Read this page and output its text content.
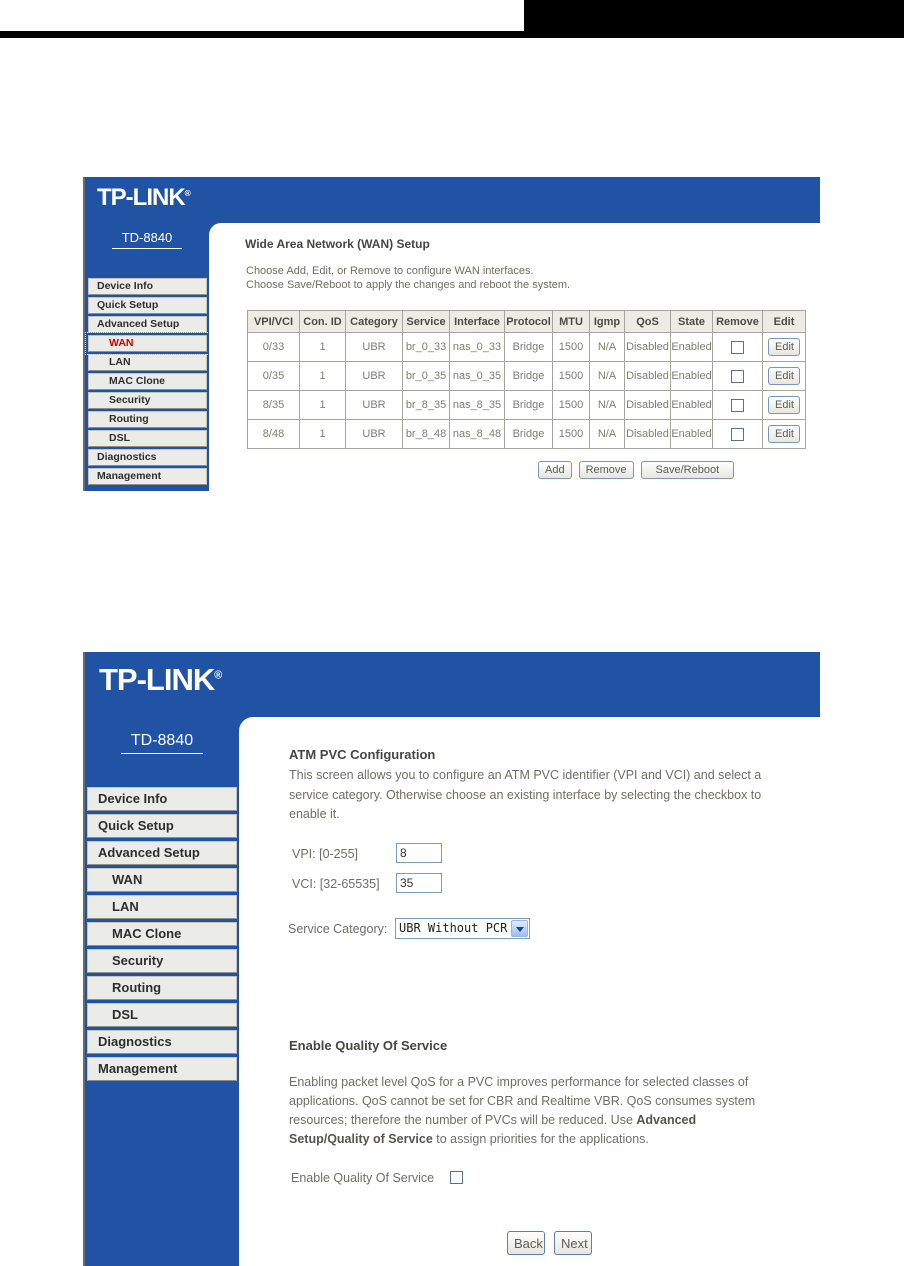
TP-LINK®
TD-8840
Device Info
Quick Setup
Advanced Setup
WAN
LAN
MAC Clone
Security
Routing
DSL
Diagnostics
Management
Wide Area Network (WAN) Setup
Choose Add, Edit, or Remove to configure WAN interfaces.
Choose Save/Reboot to apply the changes and reboot the system.
VPI/VCI	Con. ID	Category	Service	Interface	Protocol	MTU	Igmp	QoS	State	Remove	Edit
0/33	1	UBR	br_0_33	nas_0_33	Bridge	1500	N/A	Disabled	Enabled		Edit
0/35	1	UBR	br_0_35	nas_0_35	Bridge	1500	N/A	Disabled	Enabled		Edit
8/35	1	UBR	br_8_35	nas_8_35	Bridge	1500	N/A	Disabled	Enabled		Edit
8/48	1	UBR	br_8_48	nas_8_48	Bridge	1500	N/A	Disabled	Enabled		Edit
Add	Remove	Save/Reboot
TP-LINK®
TD-8840
Device Info
Quick Setup
Advanced Setup
WAN
LAN
MAC Clone
Security
Routing
DSL
Diagnostics
Management
ATM PVC Configuration
This screen allows you to configure an ATM PVC identifier (VPI and VCI) and select a
service category. Otherwise choose an existing interface by selecting the checkbox to
enable it.
VPI: [0-255]
8
VCI: [32-65535]
35
Service Category: UBR Without PCR
Enable Quality Of Service
Enabling packet level QoS for a PVC improves performance for selected classes of
applications. QoS cannot be set for CBR and Realtime VBR. QoS consumes system
resources; therefore the number of PVCs will be reduced. Use Advanced
Setup/Quality of Service to assign priorities for the applications.
Enable Quality Of Service
Back	Next
